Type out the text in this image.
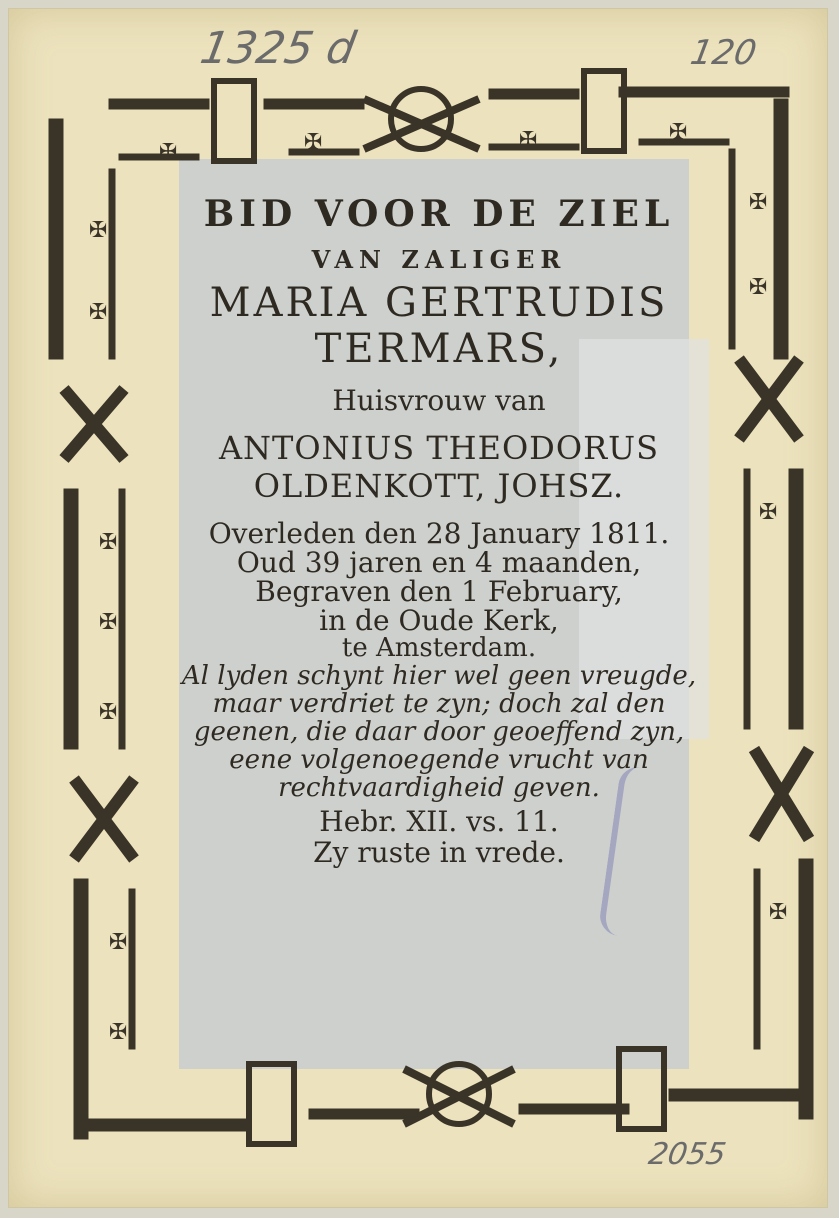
✠
✠
✠
✠
✠
✠
✠
✠
✠
✠
✠
✠	✠	✠	✠
1325 d	120
2055
BID VOOR DE ZIEL
VAN ZALIGER
MARIA GERTRUDIS
TERMARS,
Huisvrouw van
ANTONIUS THEODORUS
OLDENKOTT, JOHSZ.
Overleden den 28 January 1811.
Oud 39 jaren en 4 maanden,
Begraven den 1 February,
in de Oude Kerk,
te Amsterdam.
Al lyden schynt hier wel geen vreugde,
maar verdriet te zyn; doch zal den
geenen, die daar door geoeffend zyn,
eene volgenoegende vrucht van
rechtvaardigheid geven.
Hebr. XII. vs. 11.
Zy ruste in vrede.
